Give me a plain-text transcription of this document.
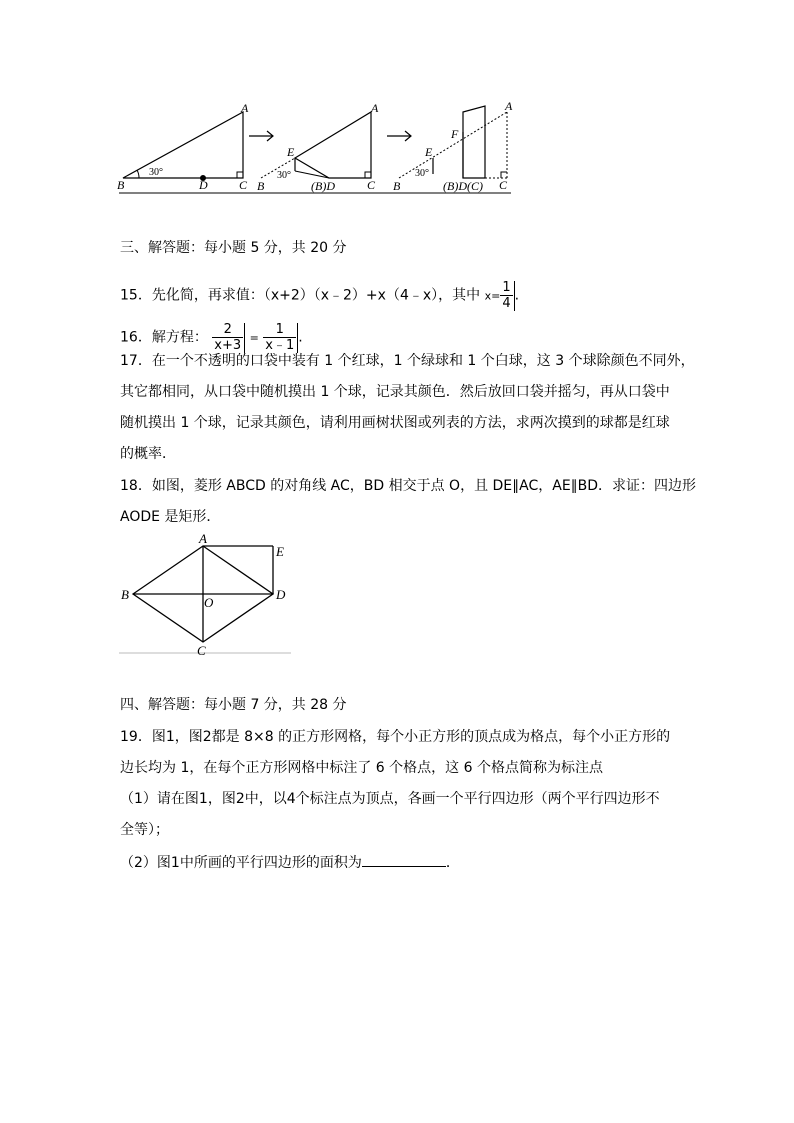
B	D	C
A
30°
B
E
(B)D	C
A
30°
B
E
F
(B)D(C) C
A
30°
三、解答题：每小题 5 分，共 20 分
15．先化简，再求值：（x+2）（x﹣2）+x（4﹣x），其中 $x= \frac{1}{4}$ .
16．解方程： $\frac{2}{x+3} = \frac{1}{x﹣1}$ .
17．在一个不透明的口袋中装有 1 个红球，1 个绿球和 1 个白球，这 3 个球除颜色不同外，
其它都相同，从口袋中随机摸出 1 个球，记录其颜色．然后放回口袋并摇匀，再从口袋中
随机摸出 1 个球，记录其颜色，请利用画树状图或列表的方法，求两次摸到的球都是红球
的概率．
18．如图，菱形 ABCD 的对角线 AC，BD 相交于点 O，且 DE∥AC，AE∥BD．求证：四边形
AODE 是矩形．
A
B
C
D
E
O
四、解答题：每小题 7 分，共 28 分
19．图1，图2都是 8×8 的正方形网格，每个小正方形的顶点成为格点，每个小正方形的
边长均为 1，在每个正方形网格中标注了 6 个格点，这 6 个格点简称为标注点
（1）请在图1，图2中，以4个标注点为顶点，各画一个平行四边形（两个平行四边形不
全等）；
（2）图1中所画的平行四边形的面积为	．
